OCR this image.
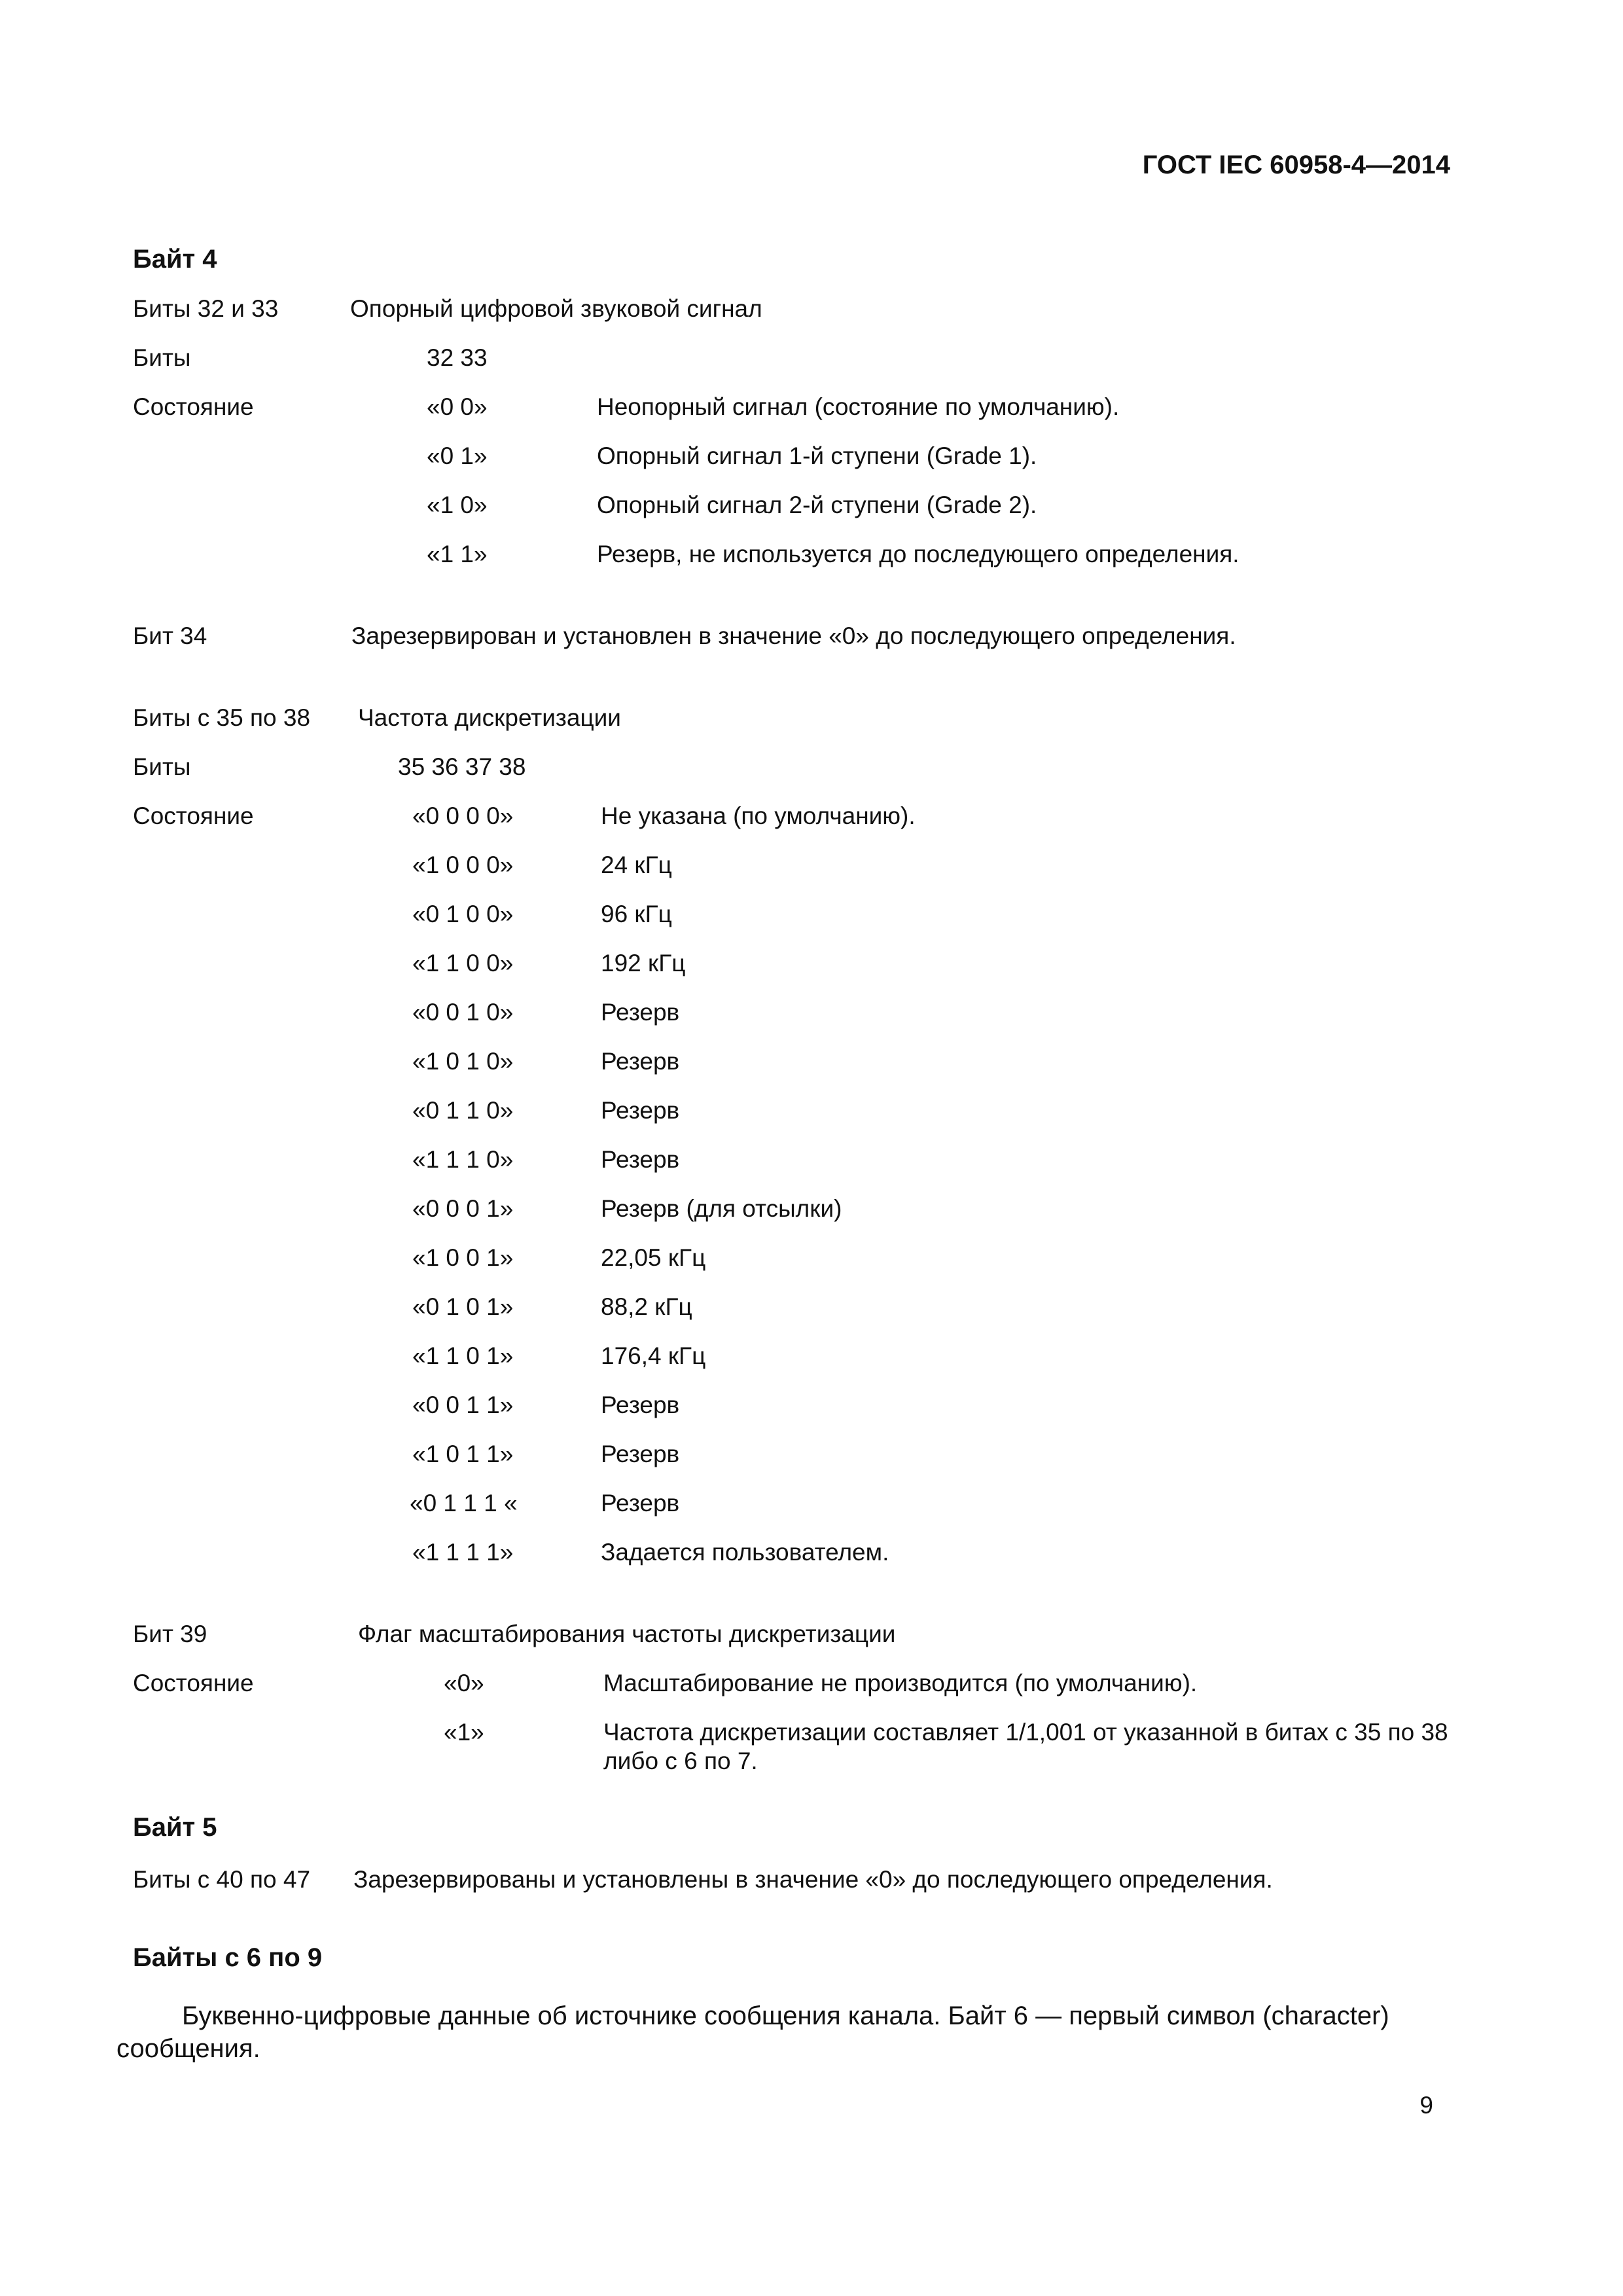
ГОСТ IEC 60958-4—2014
Байт 4
Биты 32 и 33	Опорный цифровой звуковой сигнал
Биты	32 33
Состояние	«0 0»	Неопорный сигнал (состояние по умолчанию).
«0 1»	Опорный сигнал 1-й ступени (Grade 1).
«1 0»	Опорный сигнал 2-й ступени (Grade 2).
«1 1»	Резерв, не используется до последующего определения.
Бит 34	Зарезервирован и установлен в значение «0» до последующего определения.
Биты с 35 по 38 Частота дискретизации
Биты	35 36 37 38
Состояние	«0 0 0 0»	Не указана (по умолчанию).
«1 0 0 0»	24 кГц
«0 1 0 0»	96 кГц
«1 1 0 0»	192 кГц
«0 0 1 0»	Резерв
«1 0 1 0»	Резерв
«0 1 1 0»	Резерв
«1 1 1 0»	Резерв
«0 0 0 1»	Резерв (для отсылки)
«1 0 0 1»	22,05 кГц
«0 1 0 1»	88,2 кГц
«1 1 0 1»	176,4 кГц
«0 0 1 1»	Резерв
«1 0 1 1»	Резерв
«0 1 1 1 «	Резерв
«1 1 1 1»	Задается пользователем.
Бит 39	Флаг масштабирования частоты дискретизации
Состояние	«0»	Масштабирование не производится (по умолчанию).
«1»	Частота дискретизации составляет 1/1,001 от указанной в битах с 35 по 38 либо с 6 по 7.
Байт 5
Биты с 40 по 47 Зарезервированы и установлены в значение «0» до последующего определения.
Байты с 6 по 9
Буквенно-цифровые данные об источнике сообщения канала. Байт 6 — первый символ (character) сообщения.
9
